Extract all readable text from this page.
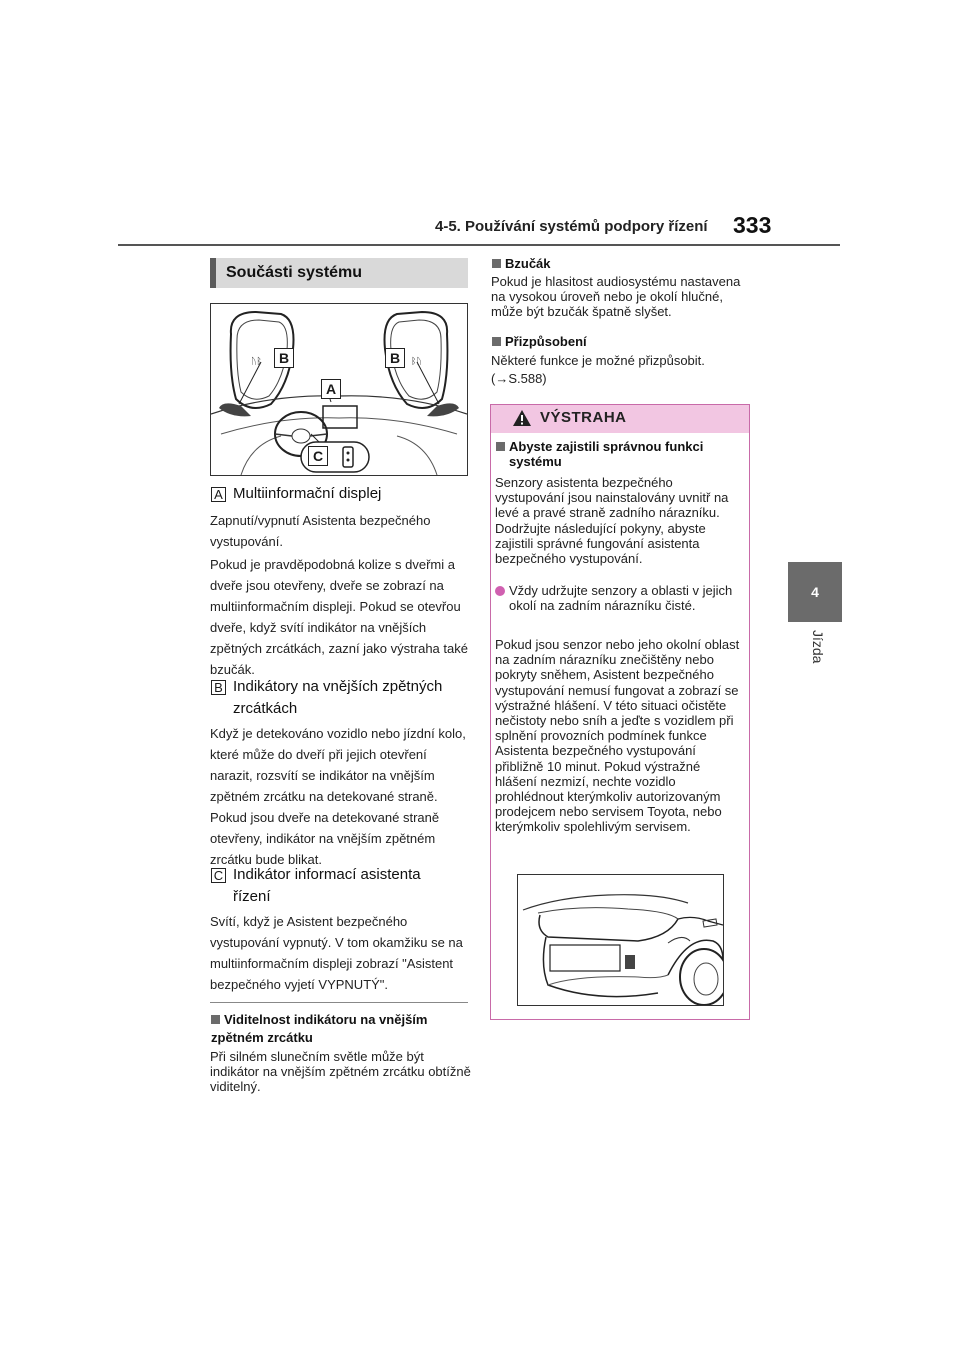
4-5. Používání systémů podpory řízení 333
4
Jízda
Součásti systému
ᚢᛒ	ᛒᚢ
B	B
A
C
A Multiinformační displej
Zapnutí/vypnutí Asistenta bezpečného vystupování.
Pokud je pravděpodobná kolize s dveřmi a dveře jsou otevřeny, dveře se zobrazí na multiinformačním displeji. Pokud se otevřou dveře, když svítí indikátor na vnějších zpětných zrcátkách, zazní jako výstraha také bzučák.
B Indikátory na vnějších zpětných zrcátkách
Když je detekováno vozidlo nebo jízdní kolo, které může do dveří při jejich otevření narazit, rozsvítí se indikátor na vnějším zpětném zrcátku na detekované straně. Pokud jsou dveře na detekované straně otevřeny, indikátor na vnějším zpětném zrcátku bude blikat.
C Indikátor informací asistenta řízení
Svítí, když je Asistent bezpečného vystupování vypnutý. V tom okamžiku se na multiinformačním displeji zobrazí "Asistent bezpečného vyjetí VYPNUTÝ".
Viditelnost indikátoru na vnějším zpětném zrcátku
Při silném slunečním světle může být indikátor na vnějším zpětném zrcátku obtížně viditelný.
Bzučák
Pokud je hlasitost audiosystému nastavena na vysokou úroveň nebo je okolí hlučné, může být bzučák špatně slyšet.
Přizpůsobení
Některé funkce je možné přizpůsobit.
(→S.588)
VÝSTRAHA
Abyste zajistili správnou funkci systému
Senzory asistenta bezpečného vystupování jsou nainstalovány uvnitř na levé a pravé straně zadního nárazníku. Dodržujte následující pokyny, abyste zajistili správné fungování asistenta bezpečného vystupování.
Vždy udržujte senzory a oblasti v jejich okolí na zadním nárazníku čisté.
Pokud jsou senzor nebo jeho okolní oblast na zadním nárazníku znečištěny nebo pokryty sněhem, Asistent bezpečného vystupování nemusí fungovat a zobrazí se výstražné hlášení. V této situaci očistěte nečistoty nebo sníh a jeďte s vozidlem při splnění provozních podmínek funkce Asistenta bezpečného vystupování přibližně 10 minut. Pokud výstražné hlášení nezmizí, nechte vozidlo prohlédnout kterýmkoliv autorizovaným prodejcem nebo servisem Toyota, nebo kterýmkoliv spolehlivým servisem.
